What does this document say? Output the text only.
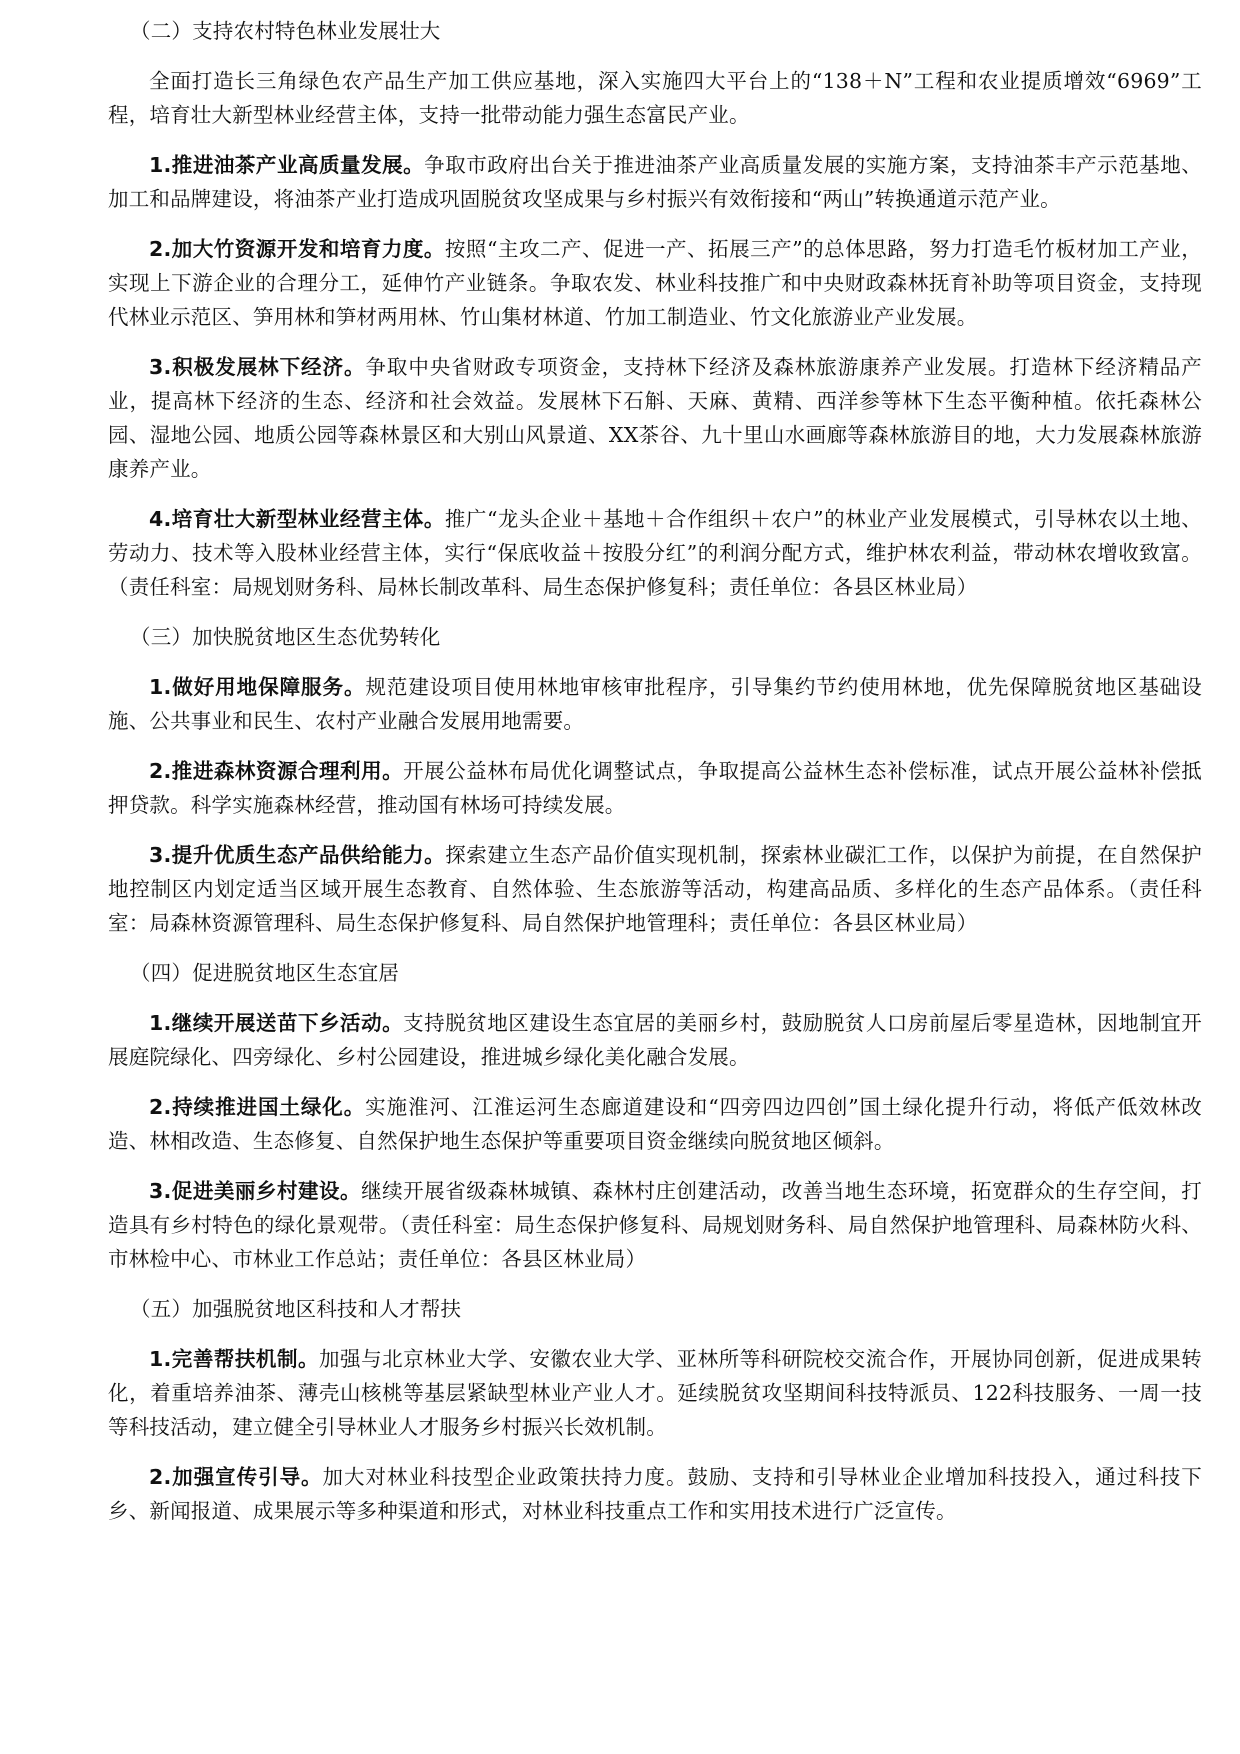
（二）支持农村特色林业发展壮大

全面打造长三角绿色农产品生产加工供应基地，深入实施四大平台上的“138＋N”工程和农业提质增效“6969”工程，培育壮大新型林业经营主体，支持一批带动能力强生态富民产业。

1.推进油茶产业高质量发展。争取市政府出台关于推进油茶产业高质量发展的实施方案，支持油茶丰产示范基地、加工和品牌建设，将油茶产业打造成巩固脱贫攻坚成果与乡村振兴有效衔接和“两山”转换通道示范产业。

2.加大竹资源开发和培育力度。按照“主攻二产、促进一产、拓展三产”的总体思路，努力打造毛竹板材加工产业，实现上下游企业的合理分工，延伸竹产业链条。争取农发、林业科技推广和中央财政森林抚育补助等项目资金，支持现代林业示范区、笋用林和笋材两用林、竹山集材林道、竹加工制造业、竹文化旅游业产业发展。

3.积极发展林下经济。争取中央省财政专项资金，支持林下经济及森林旅游康养产业发展。打造林下经济精品产业，提高林下经济的生态、经济和社会效益。发展林下石斛、天麻、黄精、西洋参等林下生态平衡种植。依托森林公园、湿地公园、地质公园等森林景区和大别山风景道、XX茶谷、九十里山水画廊等森林旅游目的地，大力发展森林旅游康养产业。

4.培育壮大新型林业经营主体。推广“龙头企业＋基地＋合作组织＋农户”的林业产业发展模式，引导林农以土地、劳动力、技术等入股林业经营主体，实行“保底收益＋按股分红”的利润分配方式，维护林农利益，带动林农增收致富。（责任科室：局规划财务科、局林长制改革科、局生态保护修复科；责任单位：各县区林业局）

（三）加快脱贫地区生态优势转化

1.做好用地保障服务。规范建设项目使用林地审核审批程序，引导集约节约使用林地，优先保障脱贫地区基础设施、公共事业和民生、农村产业融合发展用地需要。

2.推进森林资源合理利用。开展公益林布局优化调整试点，争取提高公益林生态补偿标准，试点开展公益林补偿抵押贷款。科学实施森林经营，推动国有林场可持续发展。

3.提升优质生态产品供给能力。探索建立生态产品价值实现机制，探索林业碳汇工作，以保护为前提，在自然保护地控制区内划定适当区域开展生态教育、自然体验、生态旅游等活动，构建高品质、多样化的生态产品体系。（责任科室：局森林资源管理科、局生态保护修复科、局自然保护地管理科；责任单位：各县区林业局）

（四）促进脱贫地区生态宜居

1.继续开展送苗下乡活动。支持脱贫地区建设生态宜居的美丽乡村，鼓励脱贫人口房前屋后零星造林，因地制宜开展庭院绿化、四旁绿化、乡村公园建设，推进城乡绿化美化融合发展。

2.持续推进国土绿化。实施淮河、江淮运河生态廊道建设和“四旁四边四创”国土绿化提升行动，将低产低效林改造、林相改造、生态修复、自然保护地生态保护等重要项目资金继续向脱贫地区倾斜。

3.促进美丽乡村建设。继续开展省级森林城镇、森林村庄创建活动，改善当地生态环境，拓宽群众的生存空间，打造具有乡村特色的绿化景观带。（责任科室：局生态保护修复科、局规划财务科、局自然保护地管理科、局森林防火科、市林检中心、市林业工作总站；责任单位：各县区林业局）

（五）加强脱贫地区科技和人才帮扶

1.完善帮扶机制。加强与北京林业大学、安徽农业大学、亚林所等科研院校交流合作，开展协同创新，促进成果转化，着重培养油茶、薄壳山核桃等基层紧缺型林业产业人才。延续脱贫攻坚期间科技特派员、122科技服务、一周一技等科技活动，建立健全引导林业人才服务乡村振兴长效机制。

2.加强宣传引导。加大对林业科技型企业政策扶持力度。鼓励、支持和引导林业企业增加科技投入，通过科技下乡、新闻报道、成果展示等多种渠道和形式，对林业科技重点工作和实用技术进行广泛宣传。
